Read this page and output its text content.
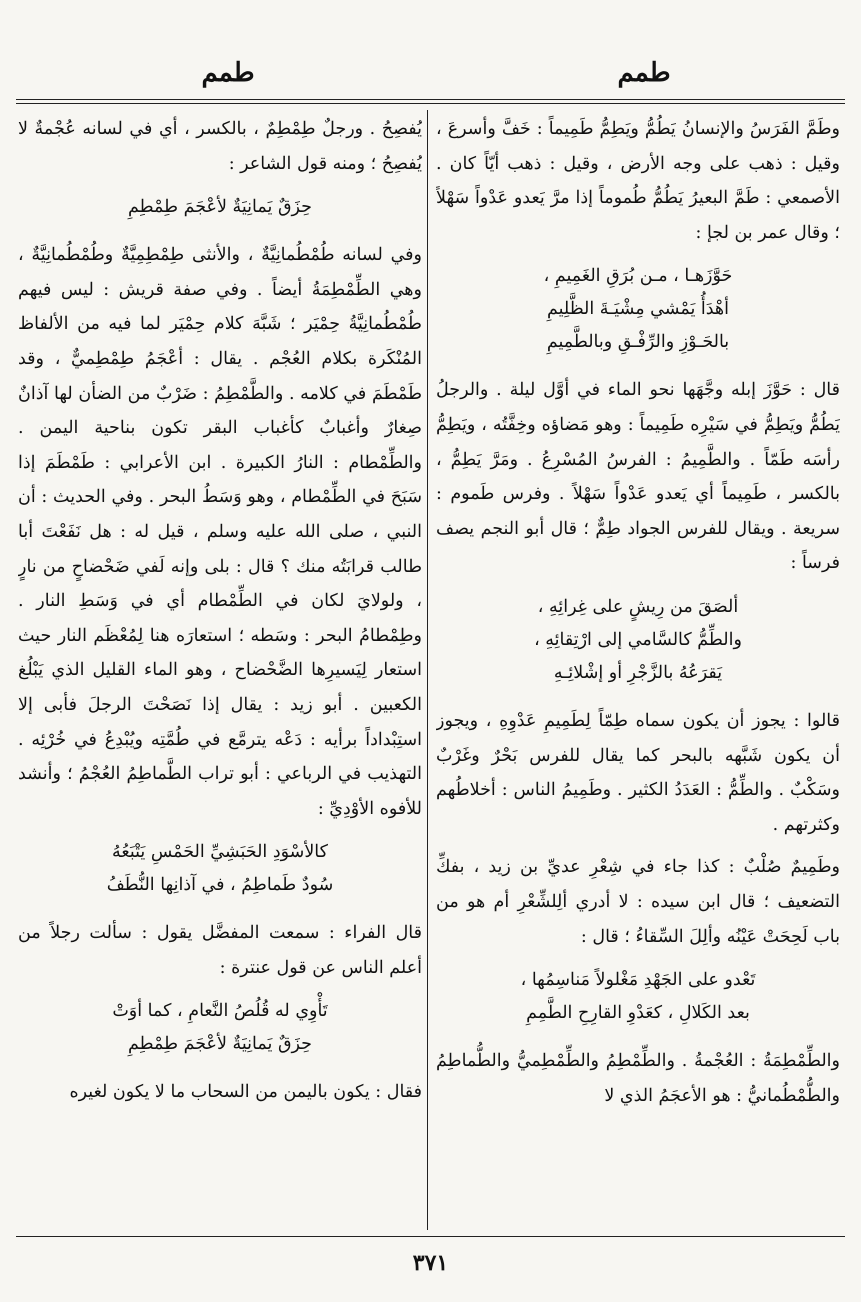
طمم
طمم

وطَمَّ الفَرَسُ والإنسانُ يَطُمُّ ويَطِمُّ طَمِيماً : خَفَّ وأسرعَ ، وقيل : ذهب على وجه الأرض ، وقيل : ذهب أيّاً كان . الأصمعي : طَمَّ البعيرُ يَطُمُّ طُموماً إذا مرَّ يَعدو عَدْواً سَهْلاً ؛ وقال عمر بن لجإ :

حَوَّزَهـا ، مـن بُرَقِ الغَمِيمِ ،
أهْدَأُ يَمْشي مِشْيَـةَ الظَّلِيمِ
بالحَـوْزِ والرِّفْـقِ وبالطَّمِيمِ

قال : حَوَّزَ إبله وجَّهَها نحو الماء في أوَّل ليلة . والرجلُ يَطُمُّ ويَطِمُّ في سَيْرِه طَمِيماً : وهو مَضاؤه وخِفَّتُه ، ويَطِمُّ رأسَه طَمّاً . والطَّمِيمُ : الفرسُ المُسْرِعُ . ومَرَّ يَطِمُّ ، بالكسر ، طَمِيماً أي يَعدو عَدْواً سَهْلاً . وفرس طَموم : سريعة . ويقال للفرس الجواد طِمٌّ ؛ قال أبو النجم يصف فرساً :

ألصَقَ من رِيشٍ على غِرائِهِ ،
والطِّمُّ كالسَّامي إلى ارْتِقائِهِ ،
يَقرَعُهُ بالزَّجْرِ أو إشْلائِـهِ

قالوا : يجوز أن يكون سماه طِمّاً لِطَمِيمِ عَدْوِهِ ، ويجوز أن يكون شَبَّهه بالبحر كما يقال للفرس بَحْرٌ وغَرْبٌ وسَكْبٌ . والطِّمُّ : العَدَدُ الكثير . وطَمِيمُ الناس : أخلاطُهم وكثرتهم .

وطَمِيمٌ صُلْبٌ : كذا جاء في شِعْرِ عديِّ بن زيد ، بفكِّ التضعيف ؛ قال ابن سيده : لا أدري ألِلشِّعْرِ أم هو من باب لَحِحَتْ عَيْنُه وألِلَ السِّقاءُ ؛ قال :

تَعْدو على الجَهْدِ مَغْلولاً مَناسِمُها ،
بعد الكَلالِ ، كعَدْوِ القارِحِ الطَّمِمِ

والطِّمْطِمَةُ : العُجْمةُ . والطِّمْطِمُ والطِّمْطِميُّ والطُّماطِمُ والطُّمْطُمانيُّ : هو الأعجَمُ الذي لا

يُفصِحُ . ورجلٌ طِمْطِمٌ ، بالكسر ، أي في لسانه عُجْمةٌ لا يُفصِحُ ؛ ومنه قول الشاعر :

حِزَقٌ يَمانِيَةٌ لأعْجَمَ طِمْطِمِ

وفي لسانه طُمْطُمانِيَّةٌ ، والأنثى طِمْطِمِيَّةٌ وطُمْطُمانِيَّةٌ ، وهي الطِّمْطِمَةُ أيضاً . وفي صفة قريش : ليس فيهم طُمْطُمانِيَّةُ حِمْيَر ؛ شَبَّهَ كلام حِمْيَر لما فيه من الألفاظ المُنْكَرة بكلام العُجْم . يقال : أعْجَمُ طِمْطِميٌّ ، وقد طَمْطَمَ في كلامه . والطَّمْطِمُ : ضَرْبٌ من الضأن لها آذانٌ صِغارٌ وأغبابٌ كأغباب البقر تكون بناحية اليمن . والطِّمْطام : النارُ الكبيرة . ابن الأعرابي : طَمْطَمَ إذا سَبَحَ في الطِّمْطام ، وهو وَسَطُ البحر . وفي الحديث : أن النبي ، صلى الله عليه وسلم ، قيل له : هل نَفَعْتَ أبا طالب قرابَتُه منك ؟ قال : بلى وإنه لَفي ضَحْضاحٍ من نارٍ ، ولولايَ لكان في الطِّمْطام أي في وَسَطِ النار . وطِمْطامُ البحر : وسَطه ؛ استعارَه هنا لِمُعْظَم النار حيث استعار لِيَسيرِها الضَّحْضاح ، وهو الماء القليل الذي يَبْلُغ الكعبين . أبو زيد : يقال إذا نَصَحْتَ الرجلَ فأبى إلا استِبْداداً برأيه : دَعْه يترمَّع في طُمَّتِه ويُبْدِعُ في خُرْئِه . التهذيب في الرباعي : أبو تراب الطَّماطِمُ العُجْمُ ؛ وأنشد للأفوه الأوْدِيِّ :

كالأسْوَدِ الحَبَشِيِّ الحَمْسِ يَتْبَعُهُ
سُودٌ طَماطِمُ ، في آذانِها النُّطَفُ

قال الفراء : سمعت المفضَّل يقول : سألت رجلاً من أعلم الناس عن قول عنترة :

تَأْوِي له قُلُصُ النَّعامِ ، كما أوَتْ
حِزَقٌ يَمانِيَةٌ لأعْجَمَ طِمْطِمِ

فقال : يكون باليمن من السحاب ما لا يكون لغيره

٣٧١
